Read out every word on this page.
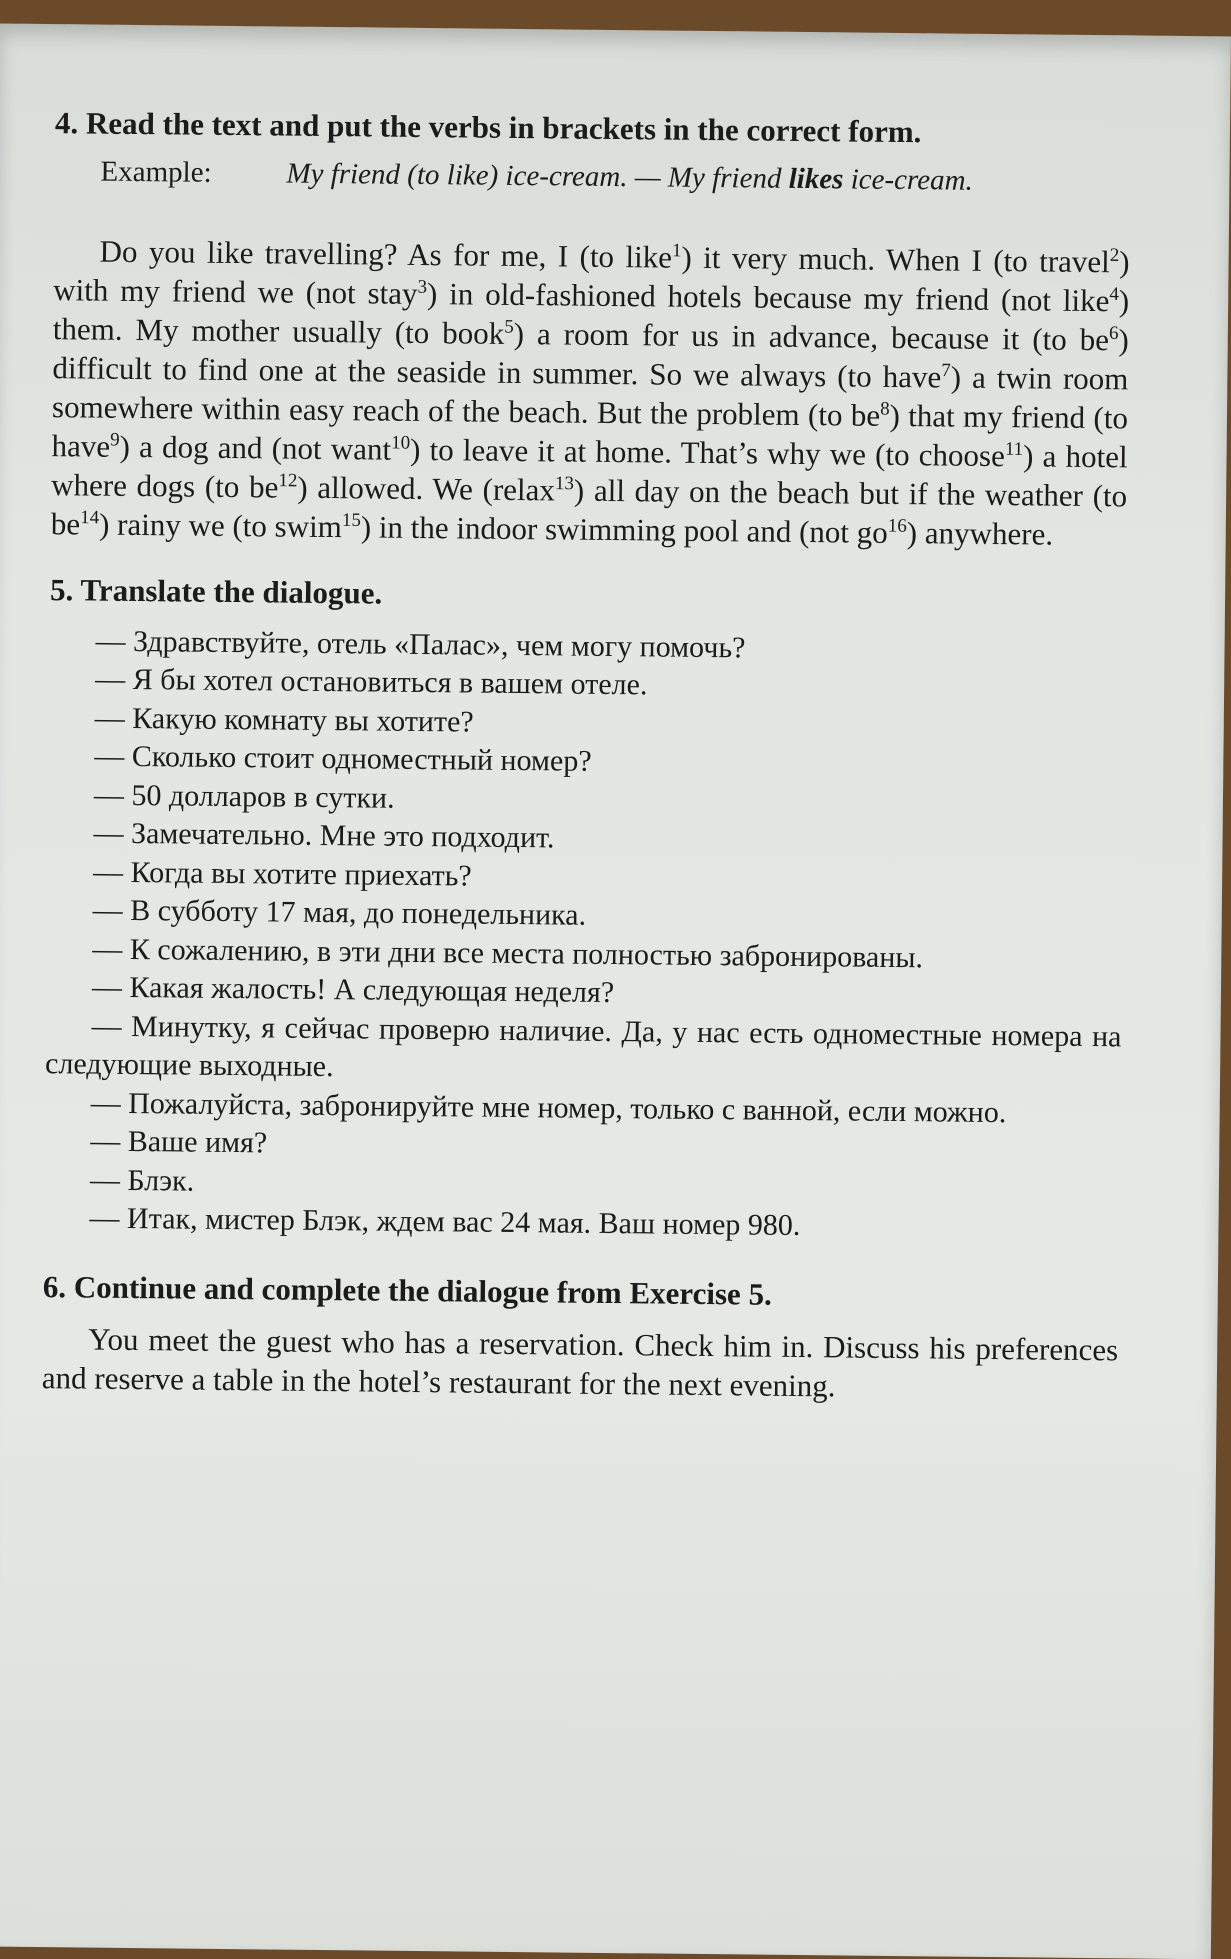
4. Read the text and put the verbs in brackets in the correct form.
Example:	My friend (to like) ice-cream. — My friend likes ice-cream.
Do you like travelling? As for me, I (to like$^1$) it very much. When I (to travel$^2$) with my friend we (not stay$^3$) in old-fashioned hotels because my friend (not like$^4$) them. My mother usually (to book$^5$) a room for us in advance, because it (to $be^6$) difficult to find one at the seaside in summer. So we always (to have$^7$) a twin room somewhere within easy reach of the beach. But the problem (to $be^8$) that my friend (to have$^9$) a dog and (not want$^{10}$) to leave it at home. That’s why we (to choose$^{11}$) a hotel where dogs (to $be^{12}$) allowed. We (relax$^{13}$) all day on the beach but if the weather (to $be^{14}$) rainy we (to swim$^{15}$) in the indoor swimming pool and (not $go^{16}$) anywhere.
5. Translate the dialogue.
— Здравствуйте, отель «Палас», чем могу помочь?
— Я бы хотел остановиться в вашем отеле.
— Какую комнату вы хотите?
— Сколько стоит одноместный номер?
— 50 долларов в сутки.
— Замечательно. Мне это подходит.
— Когда вы хотите приехать?
— В субботу 17 мая, до понедельника.
— К сожалению, в эти дни все места полностью забронированы.
— Какая жалость! А следующая неделя?
— Минутку, я сейчас проверю наличие. Да, у нас есть одноместные номера на следующие выходные.
— Пожалуйста, забронируйте мне номер, только с ванной, если можно.
— Ваше имя?
— Блэк.
— Итак, мистер Блэк, ждем вас 24 мая. Ваш номер 980.
6. Continue and complete the dialogue from Exercise 5.
You meet the guest who has a reservation. Check him in. Discuss his preferences and reserve a table in the hotel’s restaurant for the next evening.
